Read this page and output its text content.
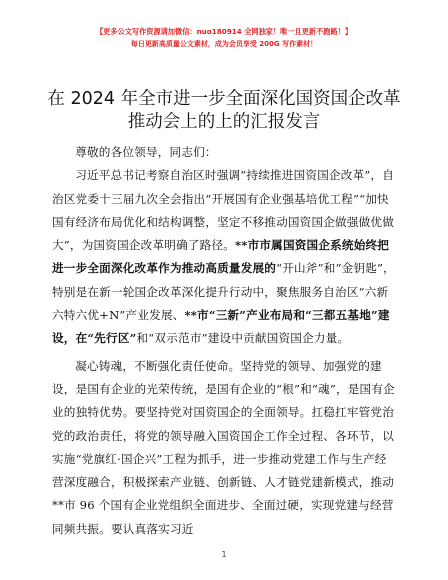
【更多公文写作资源请加微信：nuo180914 全网独家！唯一且更新不跑路！】
每日更新高质量公文素材，成为会员享受 200G 写作素材！
在 2024 年全市进一步全面深化国资国企改革推动会上的上的汇报发言

尊敬的各位领导，同志们：

习近平总书记考察自治区时强调“持续推进国资国企改革”，自治区党委十三届九次全会指出“开展国有企业强基培优工程”“加快国有经济布局优化和结构调整，坚定不移推动国资国企做强做优做大”，为国资国企改革明确了路径。**市市属国资国企系统始终把进一步全面深化改革作为推动高质量发展的“开山斧”和“金钥匙”，特别是在新一轮国企改革深化提升行动中，聚焦服务自治区“六新六特六优+N”产业发展、**市“三新”产业布局和“三都五基地”建设，在“先行区”和“双示范市”建设中贡献国资国企力量。

凝心铸魂，不断强化责任使命。坚持党的领导、加强党的建设，是国有企业的光荣传统，是国有企业的“根”和“魂”，是国有企业的独特优势。要坚持党对国资国企的全面领导。扛稳扛牢管党治党的政治责任，将党的领导融入国资国企工作全过程、各环节，以实施“党旗红·国企兴”工程为抓手，进一步推动党建工作与生产经营深度融合，积极探索产业链、创新链、人才链党建新模式，推动**市 96 个国有企业党组织全面进步、全面过硬，实现党建与经营同频共振。要认真落实习近

1
